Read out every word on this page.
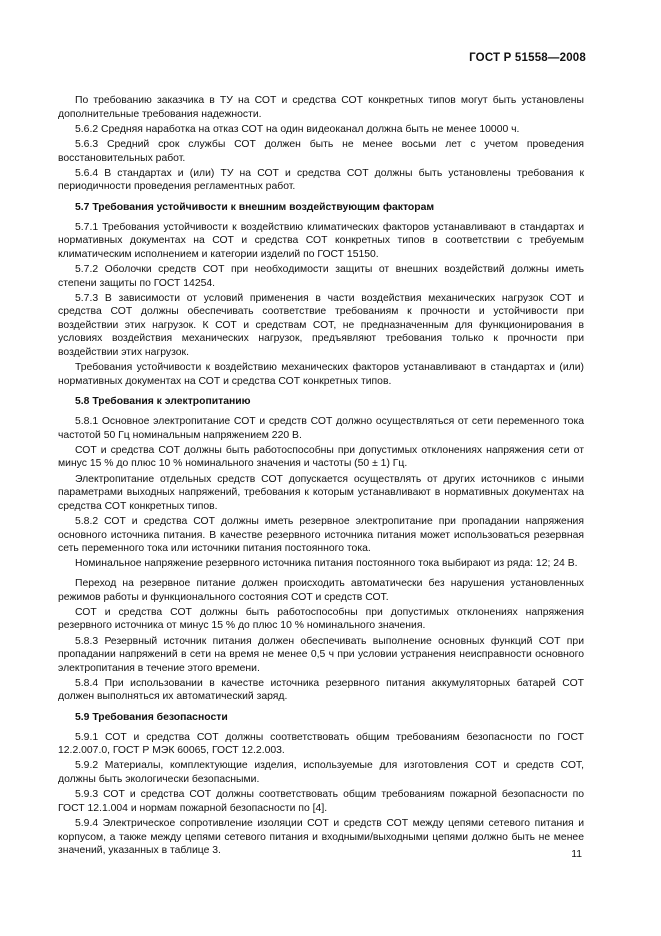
ГОСТ Р 51558—2008

По требованию заказчика в ТУ на СОТ и средства СОТ конкретных типов могут быть установлены дополнительные требования надежности.

5.6.2 Средняя наработка на отказ СОТ на один видеоканал должна быть не менее 10000 ч.

5.6.3 Средний срок службы СОТ должен быть не менее восьми лет с учетом проведения восстановительных работ.

5.6.4 В стандартах и (или) ТУ на СОТ и средства СОТ должны быть установлены требования к периодичности проведения регламентных работ.

5.7 Требования устойчивости к внешним воздействующим факторам

5.7.1 Требования устойчивости к воздействию климатических факторов устанавливают в стандартах и нормативных документах на СОТ и средства СОТ конкретных типов в соответствии с требуемым климатическим исполнением и категории изделий по ГОСТ 15150.

5.7.2 Оболочки средств СОТ при необходимости защиты от внешних воздействий должны иметь степени защиты по ГОСТ 14254.

5.7.3 В зависимости от условий применения в части воздействия механических нагрузок СОТ и средства СОТ должны обеспечивать соответствие требованиям к прочности и устойчивости при воздействии этих нагрузок. К СОТ и средствам СОТ, не предназначенным для функционирования в условиях воздействия механических нагрузок, предъявляют требования только к прочности при воздействии этих нагрузок.

Требования устойчивости к воздействию механических факторов устанавливают в стандартах и (или) нормативных документах на СОТ и средства СОТ конкретных типов.

5.8 Требования к электропитанию

5.8.1 Основное электропитание СОТ и средств СОТ должно осуществляться от сети переменного тока частотой 50 Гц номинальным напряжением 220 В.

СОТ и средства СОТ должны быть работоспособны при допустимых отклонениях напряжения сети от минус 15 % до плюс 10 % номинального значения и частоты (50 ± 1) Гц.

Электропитание отдельных средств СОТ допускается осуществлять от других источников с иными параметрами выходных напряжений, требования к которым устанавливают в нормативных документах на средства СОТ конкретных типов.

5.8.2 СОТ и средства СОТ должны иметь резервное электропитание при пропадании напряжения основного источника питания. В качестве резервного источника питания может использоваться резервная сеть переменного тока или источники питания постоянного тока.

Номинальное напряжение резервного источника питания постоянного тока выбирают из ряда: 12; 24 В.

Переход на резервное питание должен происходить автоматически без нарушения установленных режимов работы и функционального состояния СОТ и средств СОТ.

СОТ и средства СОТ должны быть работоспособны при допустимых отклонениях напряжения резервного источника от минус 15 % до плюс 10 % номинального значения.

5.8.3 Резервный источник питания должен обеспечивать выполнение основных функций СОТ при пропадании напряжений в сети на время не менее 0,5 ч при условии устранения неисправности основного электропитания в течение этого времени.

5.8.4 При использовании в качестве источника резервного питания аккумуляторных батарей СОТ должен выполняться их автоматический заряд.

5.9 Требования безопасности

5.9.1 СОТ и средства СОТ должны соответствовать общим требованиям безопасности по ГОСТ 12.2.007.0, ГОСТ Р МЭК 60065, ГОСТ 12.2.003.

5.9.2 Материалы, комплектующие изделия, используемые для изготовления СОТ и средств СОТ, должны быть экологически безопасными.

5.9.3 СОТ и средства СОТ должны соответствовать общим требованиям пожарной безопасности по ГОСТ 12.1.004 и нормам пожарной безопасности по [4].

5.9.4 Электрическое сопротивление изоляции СОТ и средств СОТ между цепями сетевого питания и корпусом, а также между цепями сетевого питания и входными/выходными цепями должно быть не менее значений, указанных в таблице 3.	11
